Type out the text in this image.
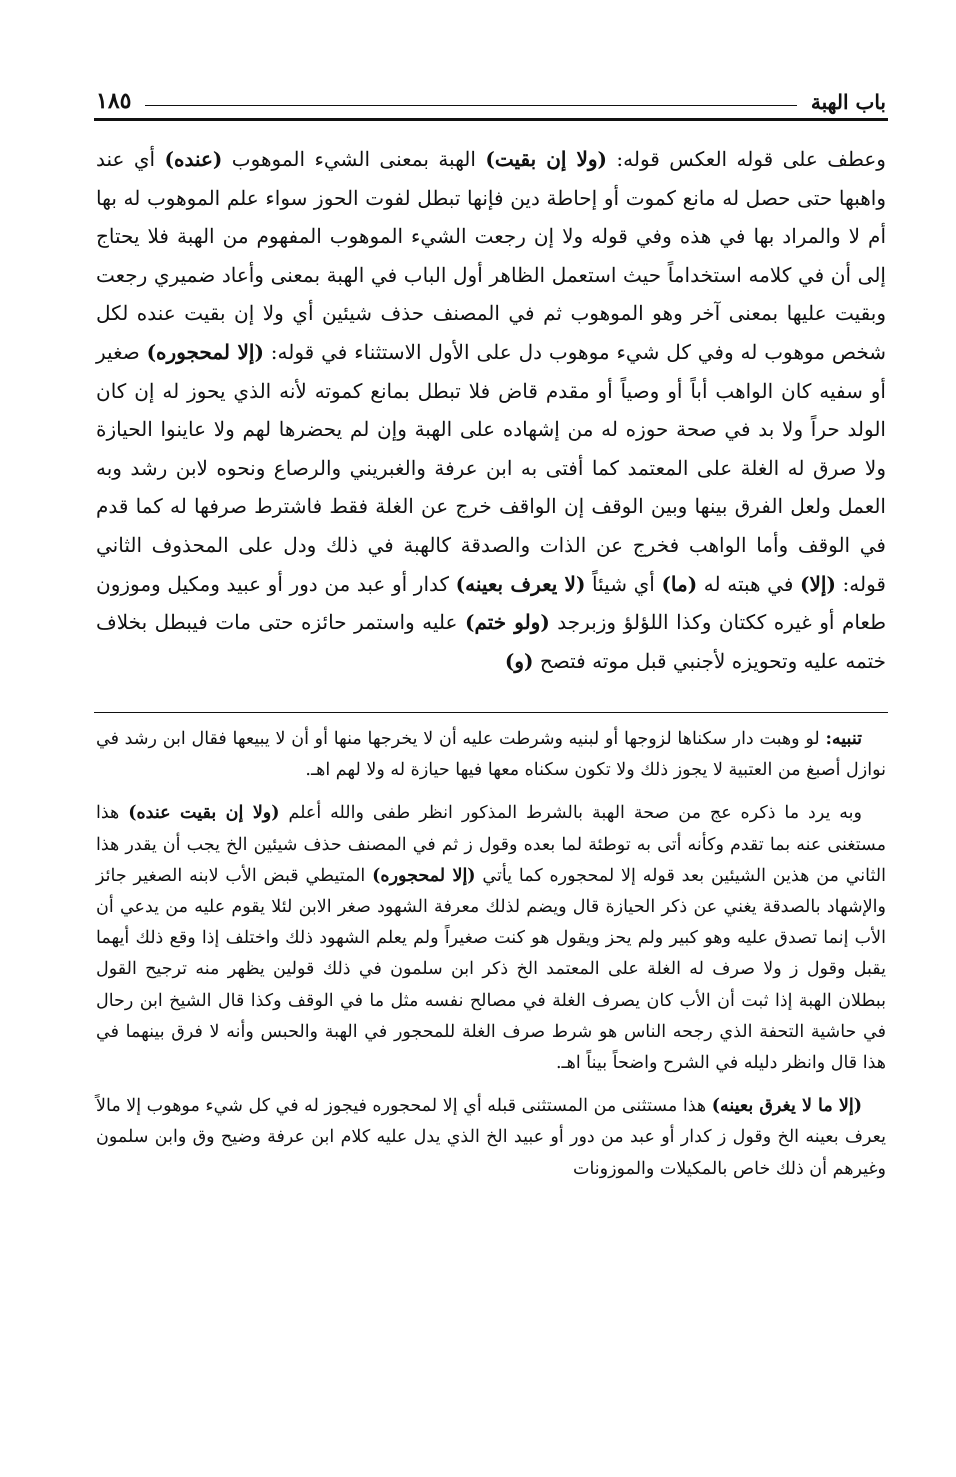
باب الهبة
١٨٥

وعطف على قوله العكس قوله: (ولا إن بقيت) الهبة بمعنى الشيء الموهوب (عنده) أي عند واهبها حتى حصل له مانع كموت أو إحاطة دين فإنها تبطل لفوت الحوز سواء علم الموهوب له بها أم لا والمراد بها في هذه وفي قوله ولا إن رجعت الشيء الموهوب المفهوم من الهبة فلا يحتاج إلى أن في كلامه استخداماً حيث استعمل الظاهر أول الباب في الهبة بمعنى وأعاد ضميري رجعت وبقيت عليها بمعنى آخر وهو الموهوب ثم في المصنف حذف شيئين أي ولا إن بقيت عنده لكل شخص موهوب له وفي كل شيء موهوب دل على الأول الاستثناء في قوله: (إلا لمحجوره) صغير أو سفيه كان الواهب أباً أو وصياً أو مقدم قاض فلا تبطل بمانع كموته لأنه الذي يحوز له إن كان الولد حراً ولا بد في صحة حوزه له من إشهاده على الهبة وإن لم يحضرها لهم ولا عاينوا الحيازة ولا صرق له الغلة على المعتمد كما أفتى به ابن عرفة والغبريني والرصاع ونحوه لابن رشد وبه العمل ولعل الفرق بينها وبين الوقف إن الواقف خرج عن الغلة فقط فاشترط صرفها له كما قدم في الوقف وأما الواهب فخرج عن الذات والصدقة كالهبة في ذلك ودل على المحذوف الثاني قوله: (إلا) في هبته له (ما) أي شيئاً (لا يعرف بعينه) كدار أو عبد من دور أو عبيد ومكيل وموزون طعام أو غيره ككتان وكذا اللؤلؤ وزبرجد (ولو ختم) عليه واستمر حائزه حتى مات فيبطل بخلاف ختمه عليه وتحويزه لأجنبي قبل موته فتصح (و)

تنبيه: لو وهبت دار سكناها لزوجها أو لبنيه وشرطت عليه أن لا يخرجها منها أو أن لا يبيعها فقال ابن رشد في نوازل أصبغ من العتبية لا يجوز ذلك ولا تكون سكناه معها فيها حيازة له ولا لهم اهـ.

وبه يرد ما ذكره عج من صحة الهبة بالشرط المذكور انظر طفى والله أعلم (ولا إن بقيت عنده) هذا مستغنى عنه بما تقدم وكأنه أتى به توطئة لما بعده وقول ز ثم في المصنف حذف شيئين الخ يجب أن يقدر هذا الثاني من هذين الشيئين بعد قوله إلا لمحجوره كما يأتي (إلا لمحجوره) المتيطي قبض الأب لابنه الصغير جائز والإشهاد بالصدقة يغني عن ذكر الحيازة قال ويضم لذلك معرفة الشهود صغر الابن لئلا يقوم عليه من يدعي أن الأب إنما تصدق عليه وهو كبير ولم يحز ويقول هو كنت صغيراً ولم يعلم الشهود ذلك واختلف إذا وقع ذلك أيهما يقبل وقول ز ولا صرف له الغلة على المعتمد الخ ذكر ابن سلمون في ذلك قولين يظهر منه ترجيح القول ببطلان الهبة إذا ثبت أن الأب كان يصرف الغلة في مصالح نفسه مثل ما في الوقف وكذا قال الشيخ ابن رحال في حاشية التحفة الذي رجحه الناس هو شرط صرف الغلة للمحجور في الهبة والحبس وأنه لا فرق بينهما في هذا قال وانظر دليله في الشرح واضحاً بيناً اهـ.

(إلا ما لا يغرق بعينه) هذا مستثنى من المستثنى قبله أي إلا لمحجوره فيجوز له في كل شيء موهوب إلا مالاً يعرف بعينه الخ وقول ز كدار أو عبد من دور أو عبيد الخ الذي يدل عليه كلام ابن عرفة وضيح وق وابن سلمون وغيرهم أن ذلك خاص بالمكيلات والموزونات
